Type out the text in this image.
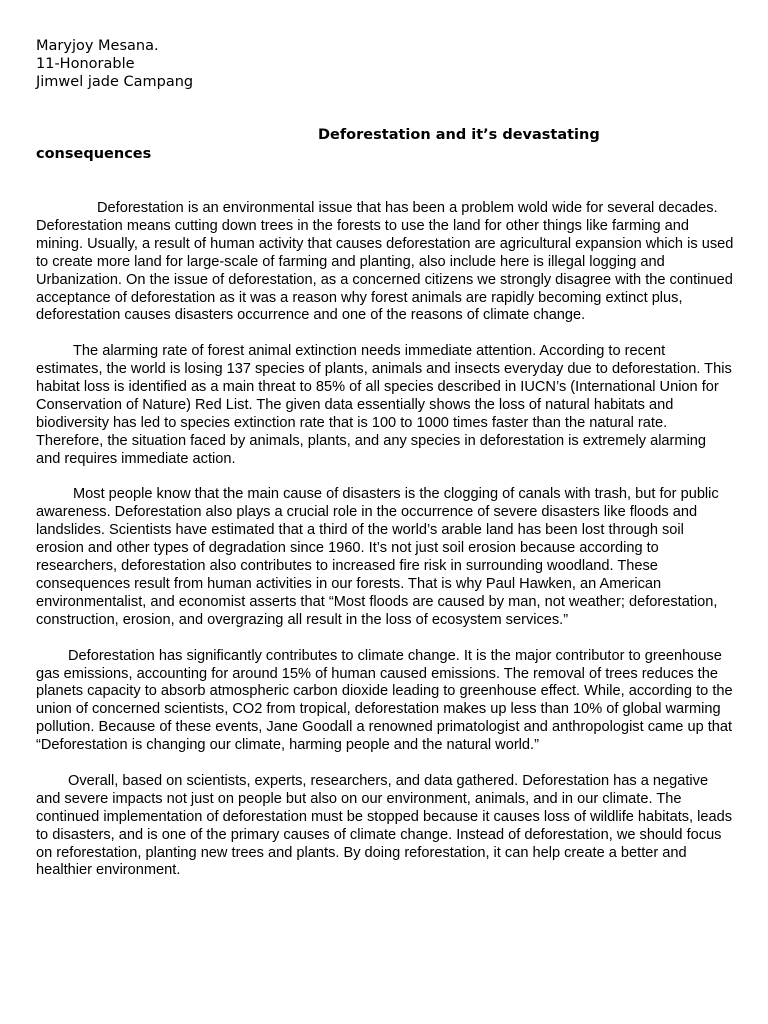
Maryjoy Mesana.
11-Honorable
Jimwel jade Campang
Deforestation and it’s devastating
consequences

Deforestation is an environmental issue that has been a problem wold wide for several decades. Deforestation means cutting down trees in the forests to use the land for other things like farming and mining. Usually, a result of human activity that causes deforestation are agricultural expansion which is used to create more land for large-scale of farming and planting, also include here is illegal logging and Urbanization. On the issue of deforestation, as a concerned citizens we strongly disagree with the continued acceptance of deforestation as it was a reason why forest animals are rapidly becoming extinct plus, deforestation causes disasters occurrence and one of the reasons of climate change.

The alarming rate of forest animal extinction needs immediate attention. According to recent estimates, the world is losing 137 species of plants, animals and insects everyday due to deforestation. This habitat loss is identified as a main threat to 85% of all species described in IUCN’s (International Union for Conservation of Nature) Red List. The given data essentially shows the loss of natural habitats and biodiversity has led to species extinction rate that is 100 to 1000 times faster than the natural rate. Therefore, the situation faced by animals, plants, and any species in deforestation is extremely alarming and requires immediate action.

Most people know that the main cause of disasters is the clogging of canals with trash, but for public awareness. Deforestation also plays a crucial role in the occurrence of severe disasters like floods and landslides. Scientists have estimated that a third of the world’s arable land has been lost through soil erosion and other types of degradation since 1960. It’s not just soil erosion because according to researchers, deforestation also contributes to increased fire risk in surrounding woodland. These consequences result from human activities in our forests. That is why Paul Hawken, an American environmentalist, and economist asserts that “Most floods are caused by man, not weather; deforestation, construction, erosion, and overgrazing all result in the loss of ecosystem services.”

Deforestation has significantly contributes to climate change. It is the major contributor to greenhouse gas emissions, accounting for around 15% of human caused emissions. The removal of trees reduces the planets capacity to absorb atmospheric carbon dioxide leading to greenhouse effect. While, according to the union of concerned scientists, CO2 from tropical, deforestation makes up less than 10% of global warming pollution. Because of these events, Jane Goodall a renowned primatologist and anthropologist came up that “Deforestation is changing our climate, harming people and the natural world.”

Overall, based on scientists, experts, researchers, and data gathered. Deforestation has a negative and severe impacts not just on people but also on our environment, animals, and in our climate. The continued implementation of deforestation must be stopped because it causes loss of wildlife habitats, leads to disasters, and is one of the primary causes of climate change. Instead of deforestation, we should focus on reforestation, planting new trees and plants. By doing reforestation, it can help create a better and healthier environment.
